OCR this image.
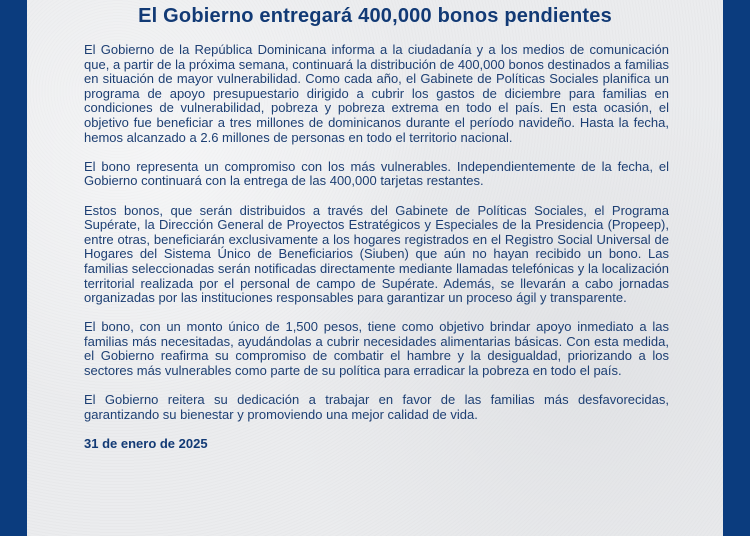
El Gobierno entregará 400,000 bonos pendientes

El Gobierno de la República Dominicana informa a la ciudadanía y a los medios de comunicación que, a partir de la próxima semana, continuará la distribución de 400,000 bonos destinados a familias en situación de mayor vulnerabilidad. Como cada año, el Gabinete de Políticas Sociales planifica un programa de apoyo presupuestario dirigido a cubrir los gastos de diciembre para familias en condiciones de vulnerabilidad, pobreza y pobreza extrema en todo el país. En esta ocasión, el objetivo fue beneficiar a tres millones de dominicanos durante el período navideño. Hasta la fecha, hemos alcanzado a 2.6 millones de personas en todo el territorio nacional.

El bono representa un compromiso con los más vulnerables. Independientemente de la fecha, el Gobierno continuará con la entrega de las 400,000 tarjetas restantes.

Estos bonos, que serán distribuidos a través del Gabinete de Políticas Sociales, el Programa Supérate, la Dirección General de Proyectos Estratégicos y Especiales de la Presidencia (Propeep), entre otras, beneficiarán exclusivamente a los hogares registrados en el Registro Social Universal de Hogares del Sistema Único de Beneficiarios (Siuben) que aún no hayan recibido un bono. Las familias seleccionadas serán notificadas directamente mediante llamadas telefónicas y la localización territorial realizada por el personal de campo de Supérate. Además, se llevarán a cabo jornadas organizadas por las instituciones responsables para garantizar un proceso ágil y transparente.

El bono, con un monto único de 1,500 pesos, tiene como objetivo brindar apoyo inmediato a las familias más necesitadas, ayudándolas a cubrir necesidades alimentarias básicas. Con esta medida, el Gobierno reafirma su compromiso de combatir el hambre y la desigualdad, priorizando a los sectores más vulnerables como parte de su política para erradicar la pobreza en todo el país.

El Gobierno reitera su dedicación a trabajar en favor de las familias más desfavorecidas, garantizando su bienestar y promoviendo una mejor calidad de vida.

31 de enero de 2025
